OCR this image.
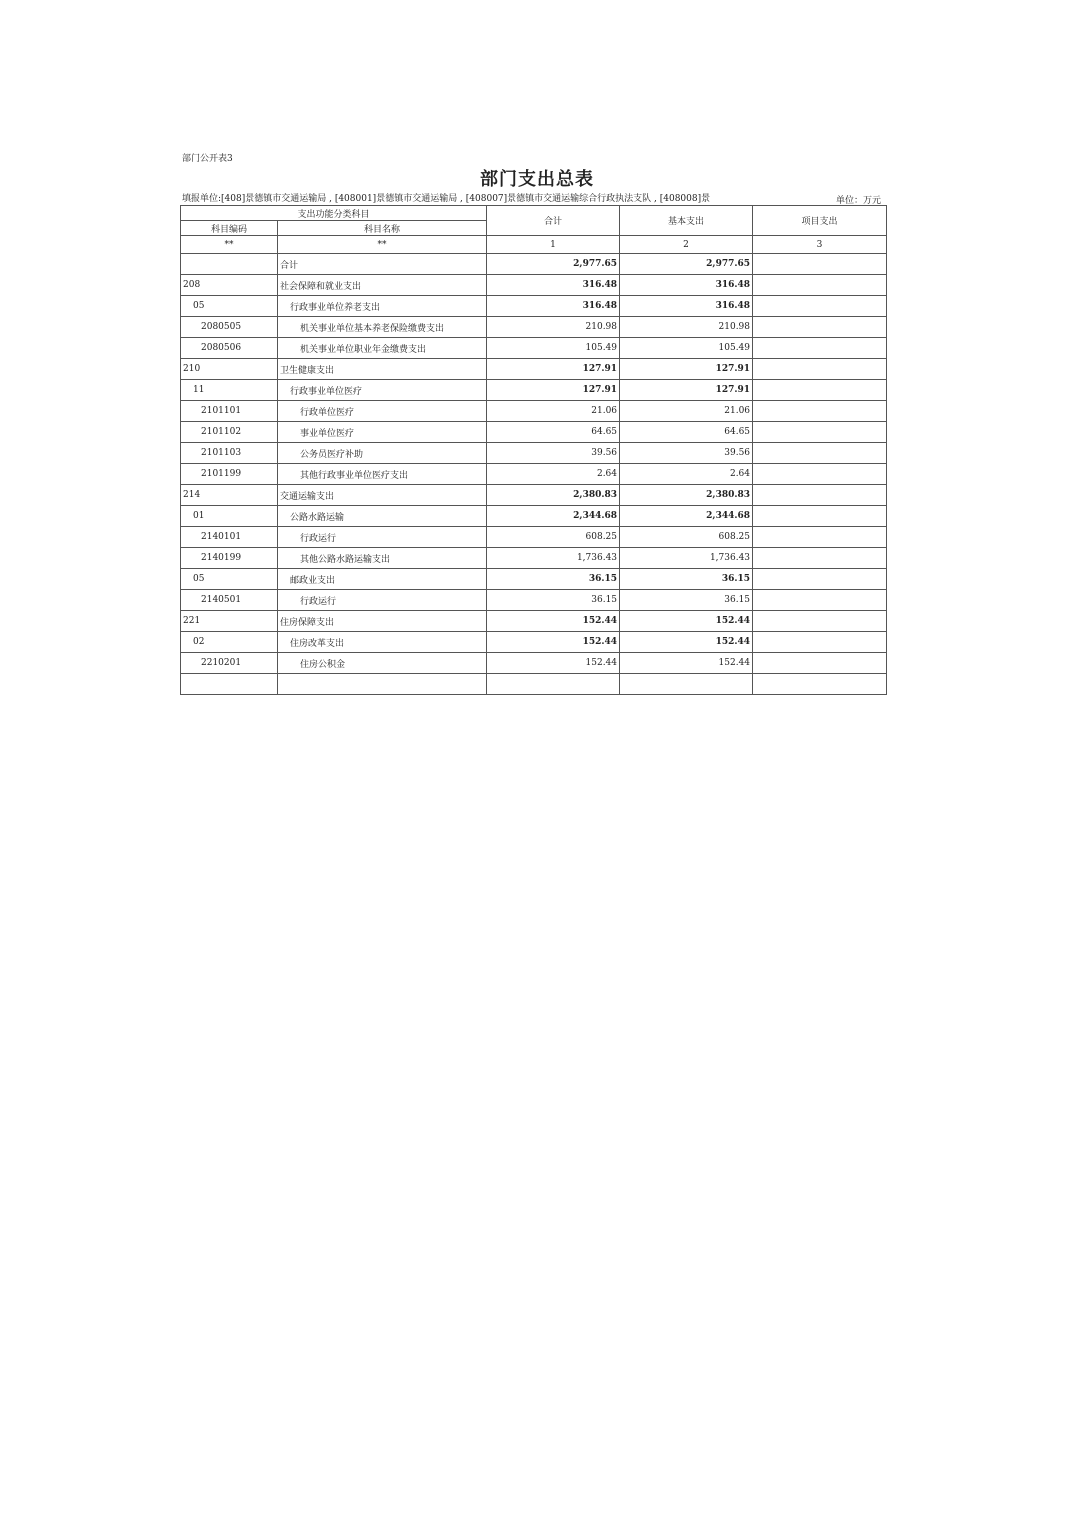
部门公开表3
部门支出总表
填报单位:[408]景德镇市交通运输局 , [408001]景德镇市交通运输局 , [408007]景德镇市交通运输综合行政执法支队 , [408008]景	单位：万元
支出功能分类科目		合计	基本支出	项目支出
科目编码	科目名称			
**	**	1	2	3
	合计	2,977.65	2,977.65	
208	社会保障和就业支出	316.48	316.48	
05	行政事业单位养老支出	316.48	316.48	
2080505	机关事业单位基本养老保险缴费支出	210.98	210.98	
2080506	机关事业单位职业年金缴费支出	105.49	105.49	
210	卫生健康支出	127.91	127.91	
11	行政事业单位医疗	127.91	127.91	
2101101	行政单位医疗	21.06	21.06	
2101102	事业单位医疗	64.65	64.65	
2101103	公务员医疗补助	39.56	39.56	
2101199	其他行政事业单位医疗支出	2.64	2.64	
214	交通运输支出	2,380.83	2,380.83	
01	公路水路运输	2,344.68	2,344.68	
2140101	行政运行	608.25	608.25	
2140199	其他公路水路运输支出	1,736.43	1,736.43	
05	邮政业支出	36.15	36.15	
2140501	行政运行	36.15	36.15	
221	住房保障支出	152.44	152.44	
02	住房改革支出	152.44	152.44	
2210201	住房公积金	152.44	152.44	
